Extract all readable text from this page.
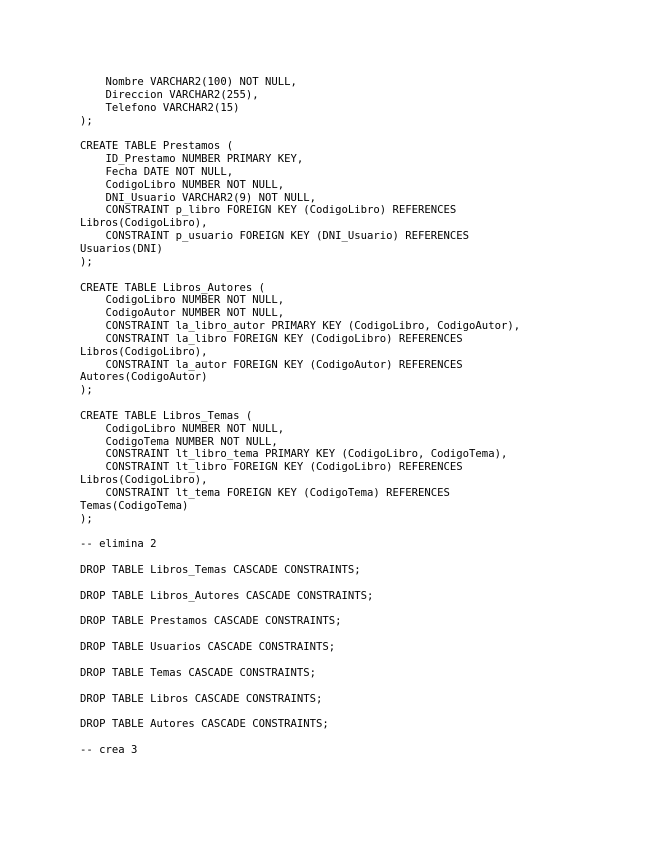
Nombre VARCHAR2(100) NOT NULL,
Direccion VARCHAR2(255),
Telefono VARCHAR2(15)
);
CREATE TABLE Prestamos (
ID_Prestamo NUMBER PRIMARY KEY,
Fecha DATE NOT NULL,
CodigoLibro NUMBER NOT NULL,
DNI_Usuario VARCHAR2(9) NOT NULL,
CONSTRAINT p_libro FOREIGN KEY (CodigoLibro) REFERENCES
Libros(CodigoLibro),
CONSTRAINT p_usuario FOREIGN KEY (DNI_Usuario) REFERENCES
Usuarios(DNI)
);
CREATE TABLE Libros_Autores (
CodigoLibro NUMBER NOT NULL,
CodigoAutor NUMBER NOT NULL,
CONSTRAINT la_libro_autor PRIMARY KEY (CodigoLibro, CodigoAutor),
CONSTRAINT la_libro FOREIGN KEY (CodigoLibro) REFERENCES
Libros(CodigoLibro),
CONSTRAINT la_autor FOREIGN KEY (CodigoAutor) REFERENCES
Autores(CodigoAutor)
);
CREATE TABLE Libros_Temas (
CodigoLibro NUMBER NOT NULL,
CodigoTema NUMBER NOT NULL,
CONSTRAINT lt_libro_tema PRIMARY KEY (CodigoLibro, CodigoTema),
CONSTRAINT lt_libro FOREIGN KEY (CodigoLibro) REFERENCES
Libros(CodigoLibro),
CONSTRAINT lt_tema FOREIGN KEY (CodigoTema) REFERENCES
Temas(CodigoTema)
);
-- elimina 2
DROP TABLE Libros_Temas CASCADE CONSTRAINTS;
DROP TABLE Libros_Autores CASCADE CONSTRAINTS;
DROP TABLE Prestamos CASCADE CONSTRAINTS;
DROP TABLE Usuarios CASCADE CONSTRAINTS;
DROP TABLE Temas CASCADE CONSTRAINTS;
DROP TABLE Libros CASCADE CONSTRAINTS;
DROP TABLE Autores CASCADE CONSTRAINTS;
-- crea 3
